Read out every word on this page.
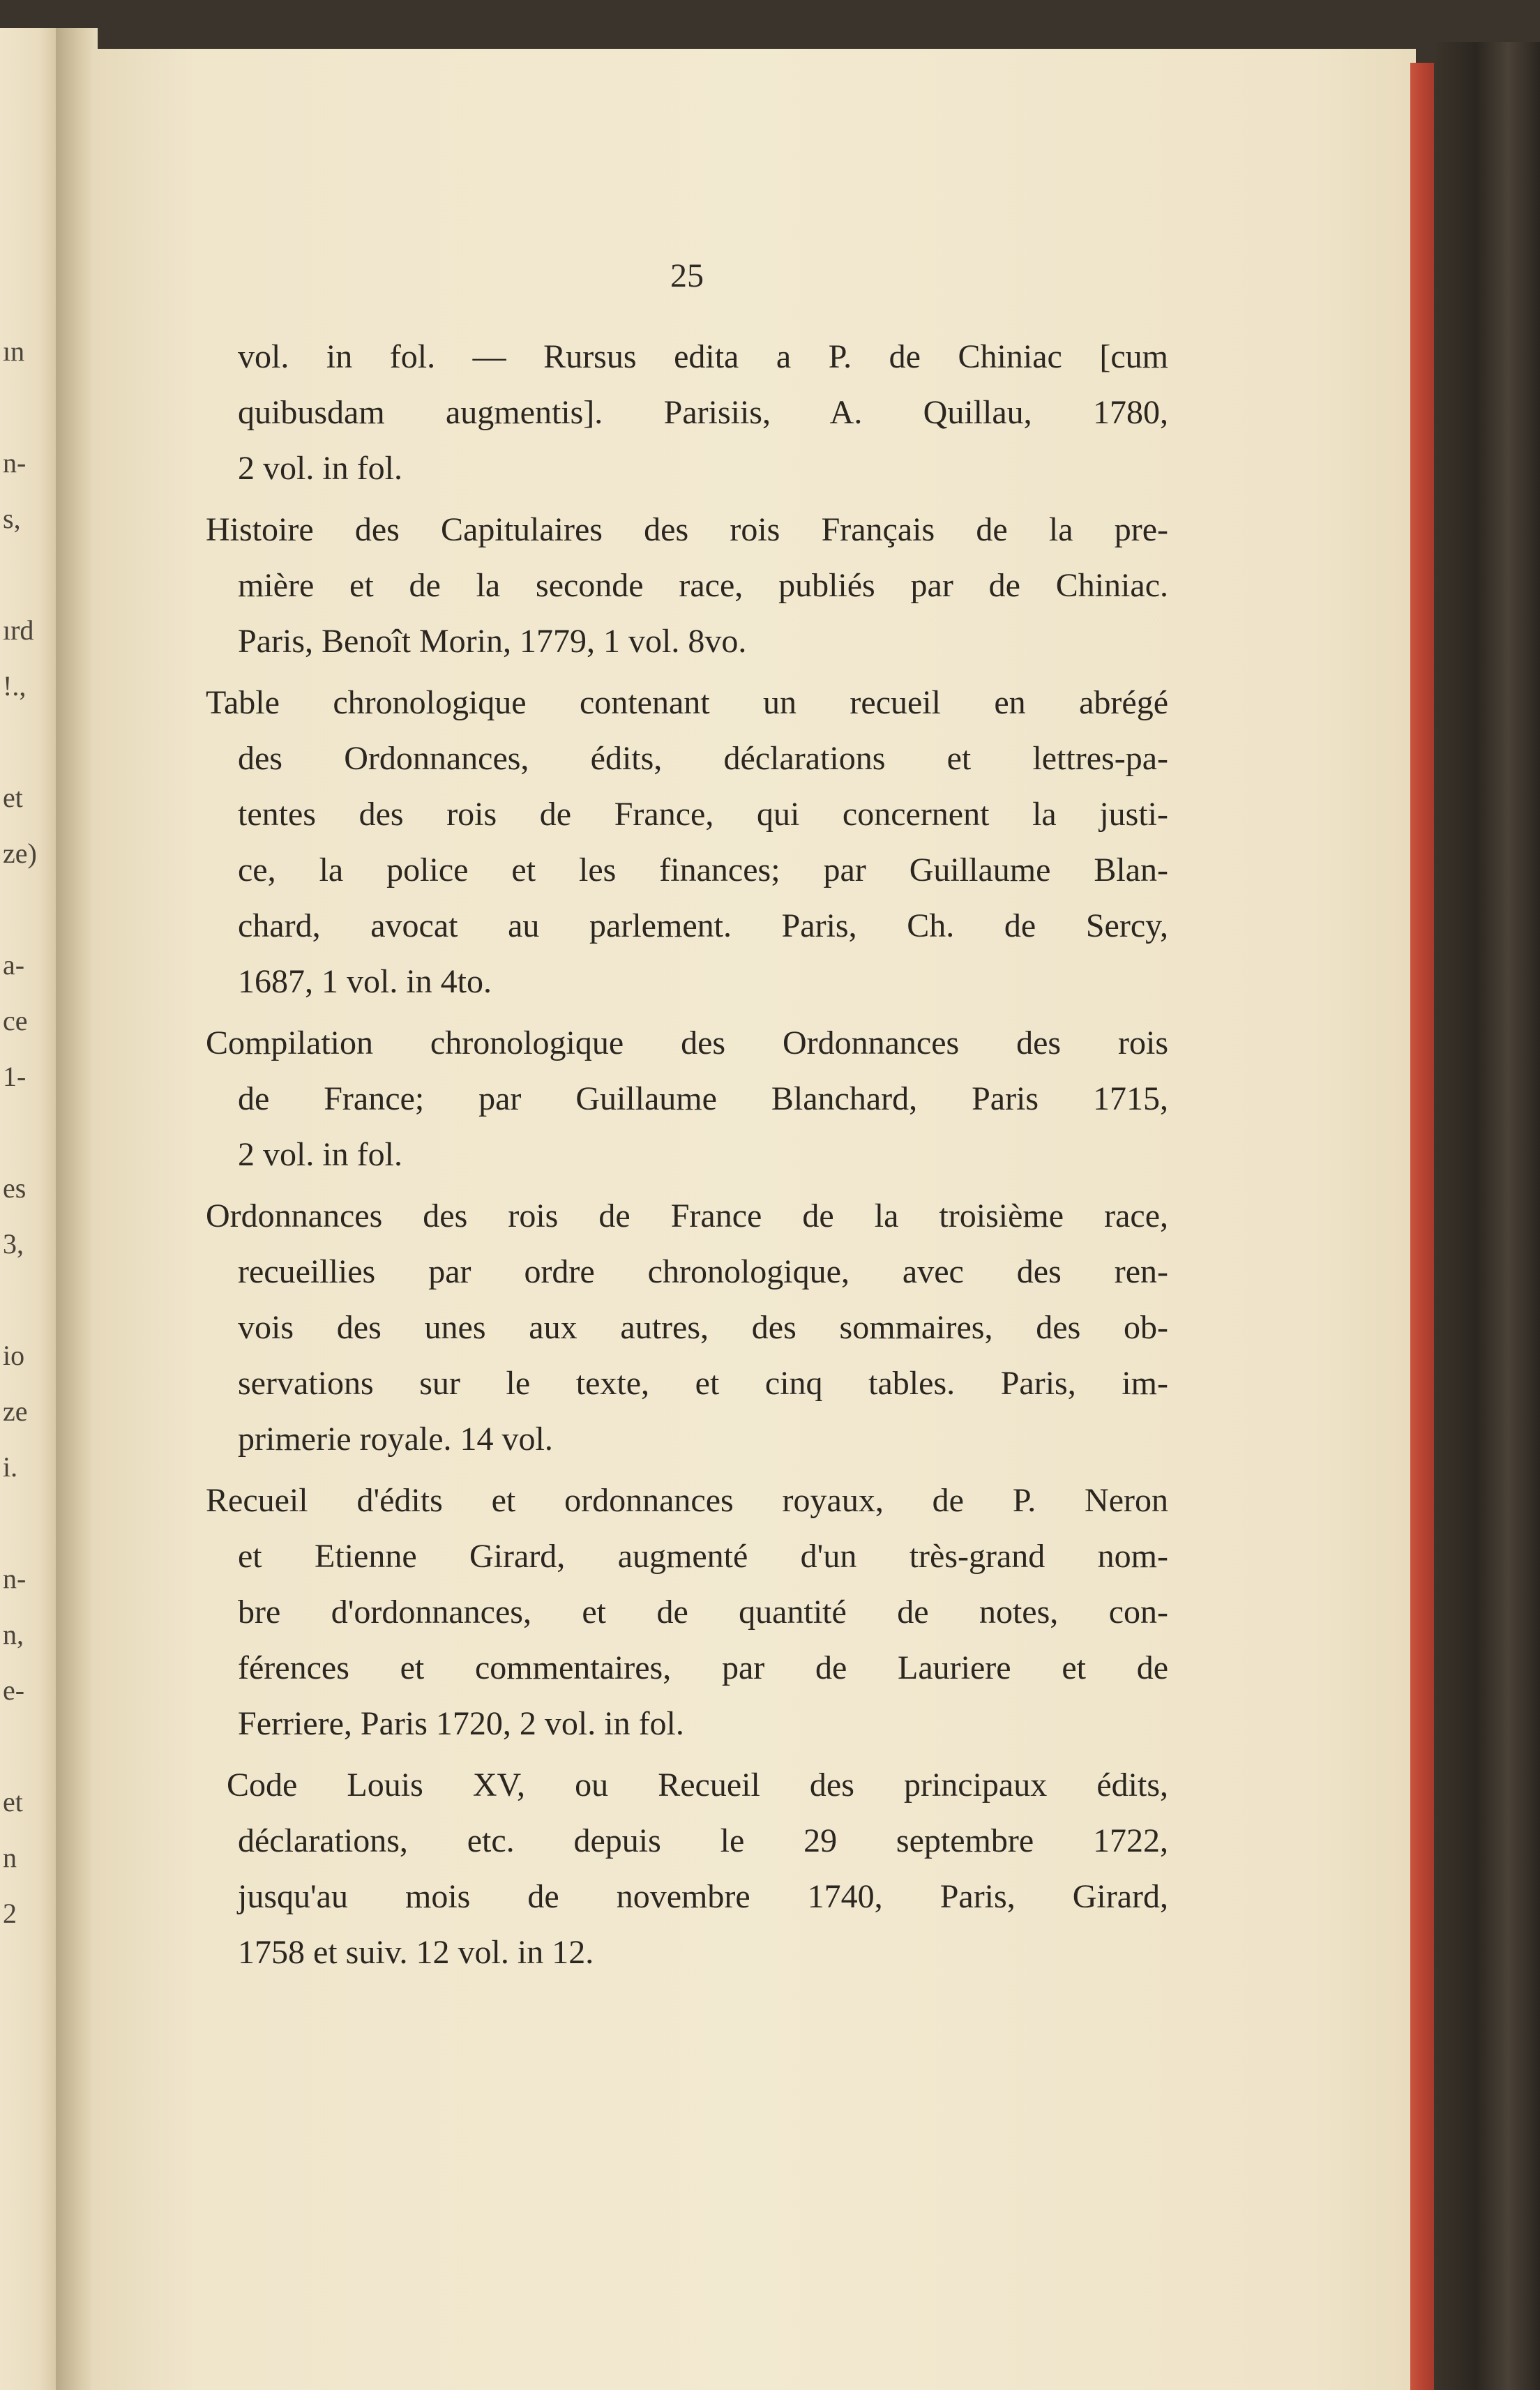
ın
n-
s,
ırd
!.,
et
ze)
a-
ce
1-
es
3,
io
ze
i.
n-
n,
e-
et
n
2
25
vol. in fol. — Rursus edita a P. de Chiniac [cum
quibusdam augmentis]. Parisiis, A. Quillau, 1780,
2 vol. in fol.
Histoire des Capitulaires des rois Français de la pre-
mière et de la seconde race, publiés par de Chiniac.
Paris, Benoît Morin, 1779, 1 vol. 8vo.
Table chronologique contenant un recueil en abrégé
des Ordonnances, édits, déclarations et lettres-pa-
tentes des rois de France, qui concernent la justi-
ce, la police et les finances; par Guillaume Blan-
chard, avocat au parlement. Paris, Ch. de Sercy,
1687, 1 vol. in 4to.
Compilation chronologique des Ordonnances des rois
de France; par Guillaume Blanchard, Paris 1715,
2 vol. in fol.
Ordonnances des rois de France de la troisième race,
recueillies par ordre chronologique, avec des ren-
vois des unes aux autres, des sommaires, des ob-
servations sur le texte, et cinq tables. Paris, im-
primerie royale. 14 vol.
Recueil d'édits et ordonnances royaux, de P. Neron
et Etienne Girard, augmenté d'un très-grand nom-
bre d'ordonnances, et de quantité de notes, con-
férences et commentaires, par de Lauriere et de
Ferriere, Paris 1720, 2 vol. in fol.
Code Louis XV, ou Recueil des principaux édits,
déclarations, etc. depuis le 29 septembre 1722,
jusqu'au mois de novembre 1740, Paris, Girard,
1758 et suiv. 12 vol. in 12.
